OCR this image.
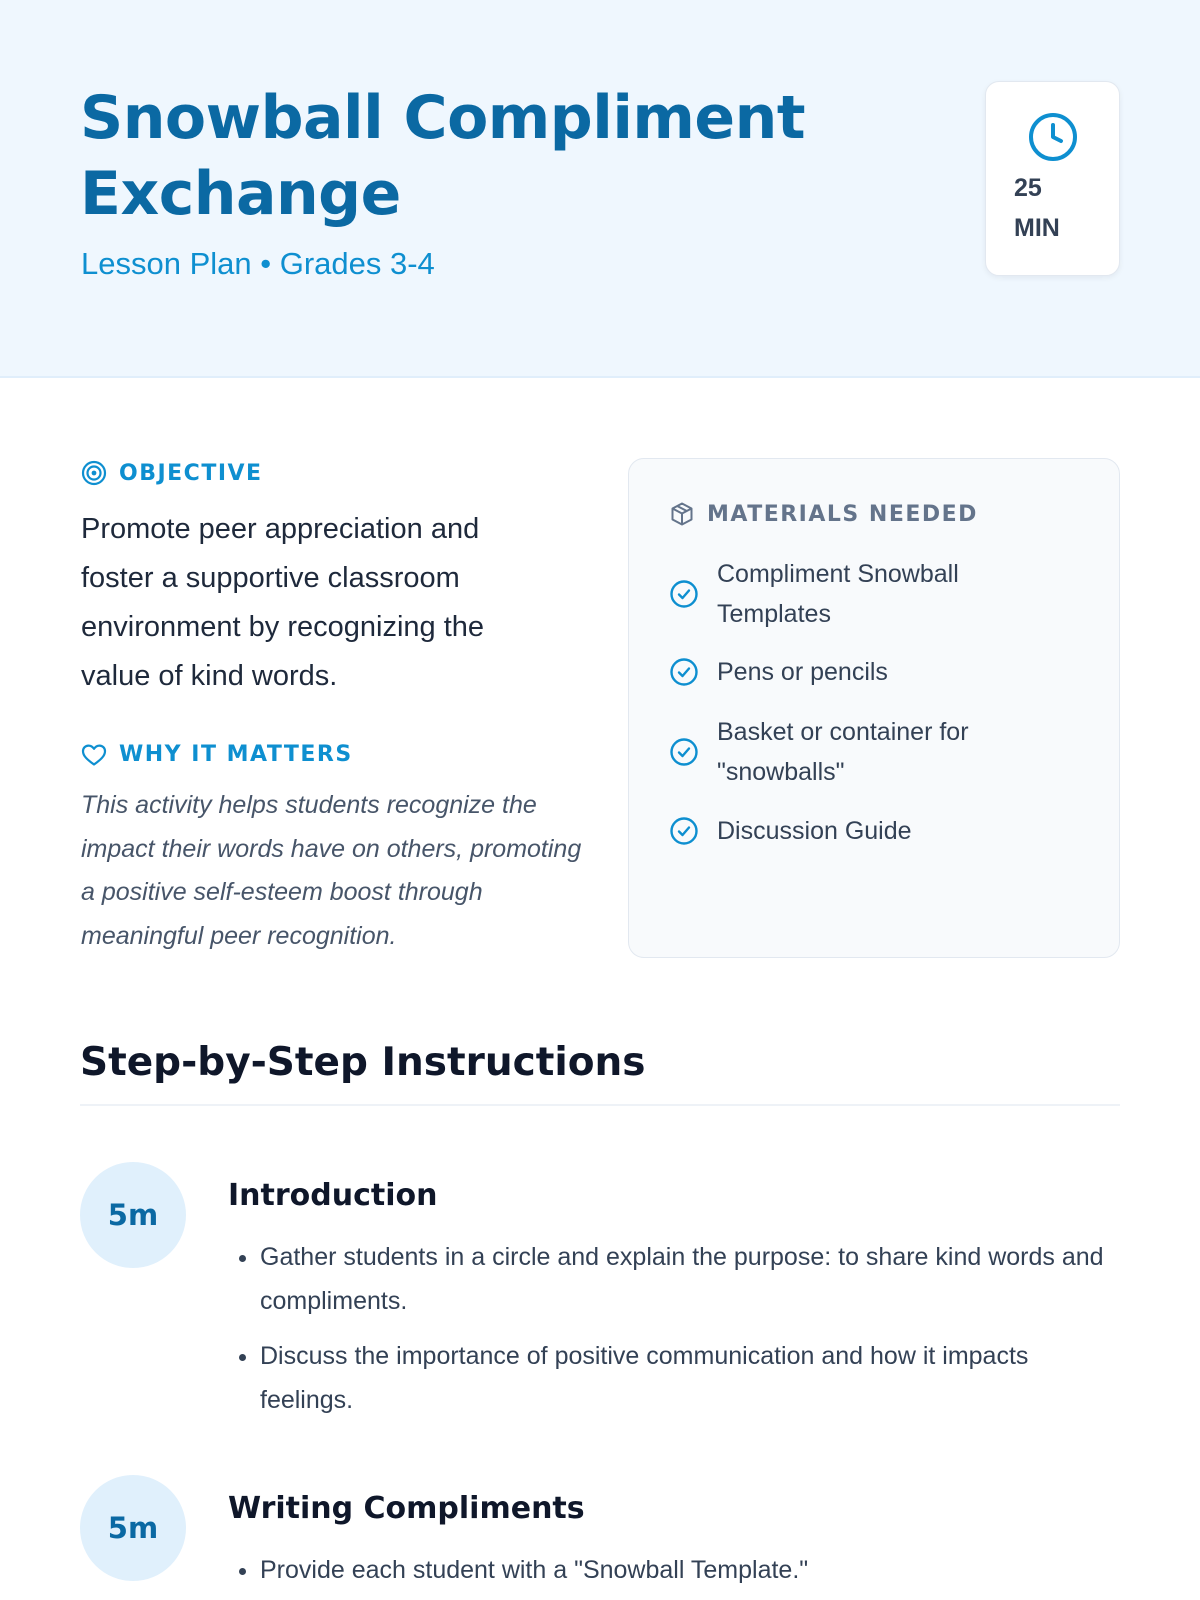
Snowball Compliment Exchange
Lesson Plan • Grades 3-4
25
MIN
OBJECTIVE

Promote peer appreciation and foster a supportive classroom environment by recognizing the value of kind words.

WHY IT MATTERS

This activity helps students recognize the impact their words have on others, promoting a positive self-esteem boost through meaningful peer recognition.

MATERIALS NEEDED
Compliment Snowball Templates
Pens or pencils
Basket or container for "snowballs"
Discussion Guide
Step-by-Step Instructions
5m
Introduction
• Gather students in a circle and explain the purpose: to share kind words and compliments.
• Discuss the importance of positive communication and how it impacts feelings.
5m
Writing Compliments
• Provide each student with a "Snowball Template."
